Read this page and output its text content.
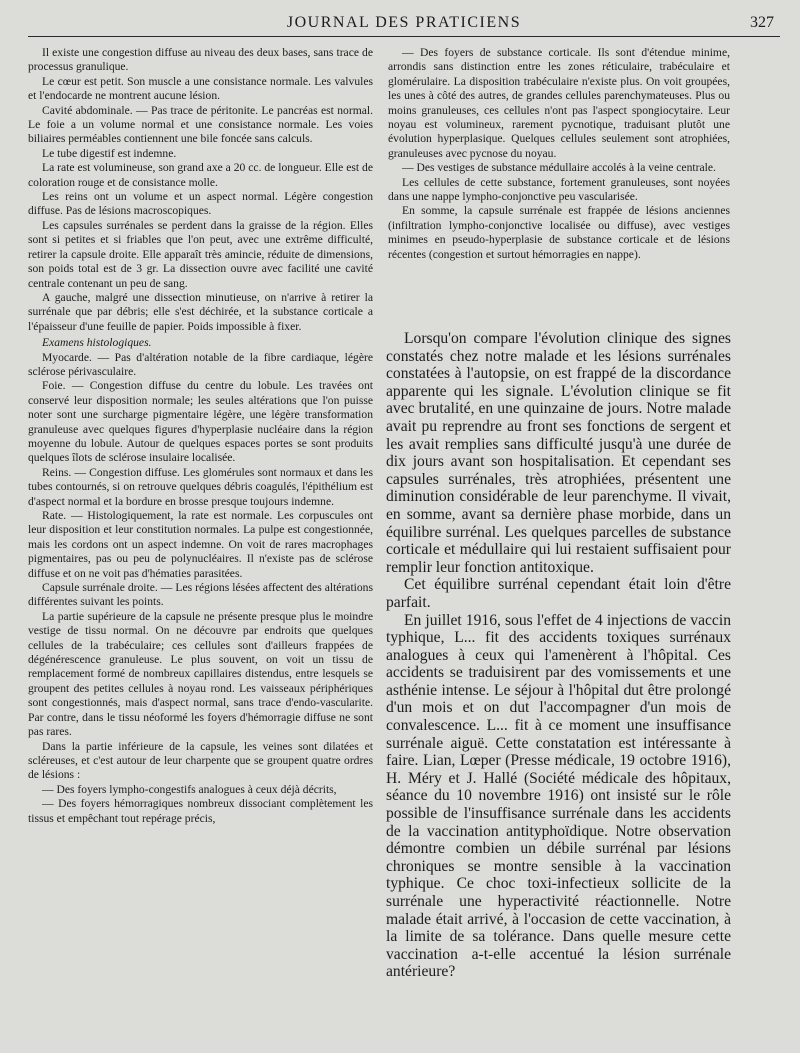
JOURNAL DES PRATICIENS	327

Il existe une congestion diffuse au niveau des deux bases, sans trace de processus granulique.

Le cœur est petit. Son muscle a une consistance normale. Les valvules et l'endocarde ne montrent aucune lésion.

Cavité abdominale. — Pas trace de péritonite. Le pancréas est normal. Le foie a un volume normal et une consistance normale. Les voies biliaires perméables contiennent une bile foncée sans calculs.

Le tube digestif est indemne.

La rate est volumineuse, son grand axe a 20 cc. de longueur. Elle est de coloration rouge et de consistance molle.

Les reins ont un volume et un aspect normal. Légère congestion diffuse. Pas de lésions macroscopiques.

Les capsules surrénales se perdent dans la graisse de la région. Elles sont si petites et si friables que l'on peut, avec une extrême difficulté, retirer la capsule droite. Elle apparaît très amincie, réduite de dimensions, son poids total est de 3 gr. La dissection ouvre avec facilité une cavité centrale contenant un peu de sang.

A gauche, malgré une dissection minutieuse, on n'arrive à retirer la surrénale que par débris; elle s'est déchirée, et la substance corticale a l'épaisseur d'une feuille de papier. Poids impossible à fixer.

Examens histologiques.

Myocarde. — Pas d'altération notable de la fibre cardiaque, légère sclérose périvasculaire.

Foie. — Congestion diffuse du centre du lobule. Les travées ont conservé leur disposition normale; les seules altérations que l'on puisse noter sont une surcharge pigmentaire légère, une légère transformation granuleuse avec quelques figures d'hyperplasie nucléaire dans la région moyenne du lobule. Autour de quelques espaces portes se sont produits quelques îlots de sclérose insulaire localisée.

Reins. — Congestion diffuse. Les glomérules sont normaux et dans les tubes contournés, si on retrouve quelques débris coagulés, l'épithélium est d'aspect normal et la bordure en brosse presque toujours indemne.

Rate. — Histologiquement, la rate est normale. Les corpuscules ont leur disposition et leur constitution normales. La pulpe est congestionnée, mais les cordons ont un aspect indemne. On voit de rares macrophages pigmentaires, pas ou peu de polynucléaires. Il n'existe pas de sclérose diffuse et on ne voit pas d'hématies parasitées.

Capsule surrénale droite. — Les régions lésées affectent des altérations différentes suivant les points.

La partie supérieure de la capsule ne présente presque plus le moindre vestige de tissu normal. On ne découvre par endroits que quelques cellules de la trabéculaire; ces cellules sont d'ailleurs frappées de dégénérescence granuleuse. Le plus souvent, on voit un tissu de remplacement formé de nombreux capillaires distendus, entre lesquels se groupent des petites cellules à noyau rond. Les vaisseaux périphériques sont congestionnés, mais d'aspect normal, sans trace d'endo-vascularite. Par contre, dans le tissu néoformé les foyers d'hémorragie diffuse ne sont pas rares.

Dans la partie inférieure de la capsule, les veines sont dilatées et scléreuses, et c'est autour de leur charpente que se groupent quatre ordres de lésions :

— Des foyers lympho-congestifs analogues à ceux déjà décrits,

— Des foyers hémorragiques nombreux dissociant complètement les tissus et empêchant tout repérage précis,

— Des foyers de substance corticale. Ils sont d'étendue minime, arrondis sans distinction entre les zones réticulaire, trabéculaire et glomérulaire. La disposition trabéculaire n'existe plus. On voit groupées, les unes à côté des autres, de grandes cellules parenchymateuses. Plus ou moins granuleuses, ces cellules n'ont pas l'aspect spongiocytaire. Leur noyau est volumineux, rarement pycnotique, traduisant plutôt une évolution hyperplasique. Quelques cellules seulement sont atrophiées, granuleuses avec pycnose du noyau.

— Des vestiges de substance médullaire accolés à la veine centrale.

Les cellules de cette substance, fortement granuleuses, sont noyées dans une nappe lympho-conjonctive peu vascularisée.

En somme, la capsule surrénale est frappée de lésions anciennes (infiltration lympho-conjonctive localisée ou diffuse), avec vestiges minimes en pseudo-hyperplasie de substance corticale et de lésions récentes (congestion et surtout hémorragies en nappe).

Lorsqu'on compare l'évolution clinique des signes constatés chez notre malade et les lésions surrénales constatées à l'autopsie, on est frappé de la discordance apparente qui les signale. L'évolution clinique se fit avec brutalité, en une quinzaine de jours. Notre malade avait pu reprendre au front ses fonctions de sergent et les avait remplies sans difficulté jusqu'à une durée de dix jours avant son hospitalisation. Et cependant ses capsules surrénales, très atrophiées, présentent une diminution considérable de leur parenchyme. Il vivait, en somme, avant sa dernière phase morbide, dans un équilibre surrénal. Les quelques parcelles de substance corticale et médullaire qui lui restaient suffisaient pour remplir leur fonction antitoxique.

Cet équilibre surrénal cependant était loin d'être parfait.

En juillet 1916, sous l'effet de 4 injections de vaccin typhique, L... fit des accidents toxiques surrénaux analogues à ceux qui l'amenèrent à l'hôpital. Ces accidents se traduisirent par des vomissements et une asthénie intense. Le séjour à l'hôpital dut être prolongé d'un mois et on dut l'accompagner d'un mois de convalescence. L... fit à ce moment une insuffisance surrénale aiguë. Cette constatation est intéressante à faire. Lian, Lœper (Presse médicale, 19 octobre 1916), H. Méry et J. Hallé (Société médicale des hôpitaux, séance du 10 novembre 1916) ont insisté sur le rôle possible de l'insuffisance surrénale dans les accidents de la vaccination antityphoïdique. Notre observation démontre combien un débile surrénal par lésions chroniques se montre sensible à la vaccination typhique. Ce choc toxi-infectieux sollicite de la surrénale une hyperactivité réactionnelle. Notre malade était arrivé, à l'occasion de cette vaccination, à la limite de sa tolérance. Dans quelle mesure cette vaccination a-t-elle accentué la lésion surrénale antérieure?
